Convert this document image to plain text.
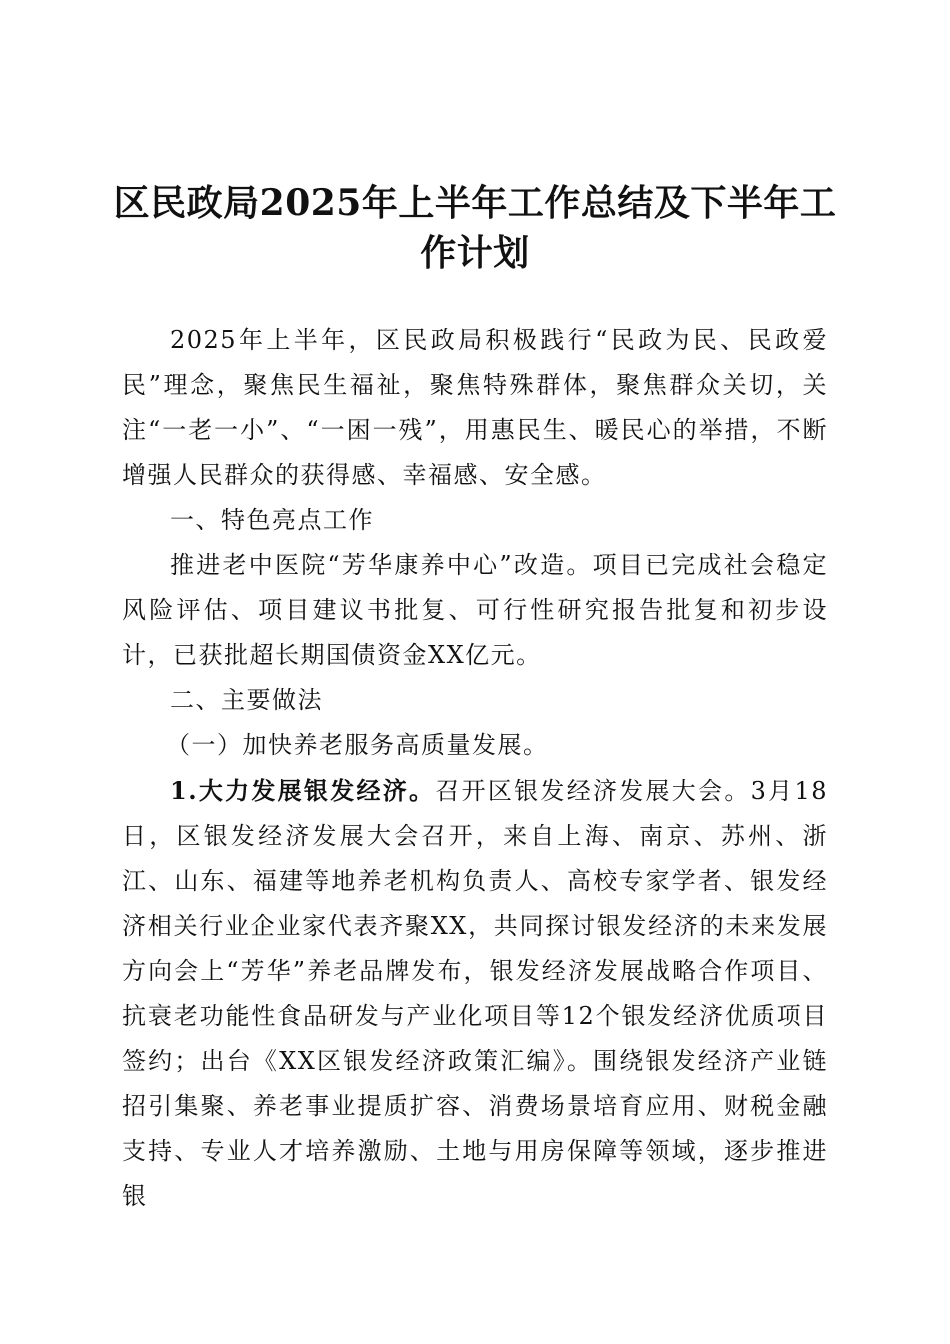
区民政局2025年上半年工作总结及下半年工作计划

2025年上半年，区民政局积极践行“民政为民、民政爱民”理念，聚焦民生福祉，聚焦特殊群体，聚焦群众关切，关注“一老一小”、“一困一残”，用惠民生、暖民心的举措，不断增强人民群众的获得感、幸福感、安全感。

一、特色亮点工作

推进老中医院“芳华康养中心”改造。项目已完成社会稳定风险评估、项目建议书批复、可行性研究报告批复和初步设计，已获批超长期国债资金XX亿元。

二、主要做法

（一）加快养老服务高质量发展。

1.大力发展银发经济。召开区银发经济发展大会。3月18日，区银发经济发展大会召开，来自上海、南京、苏州、浙江、山东、福建等地养老机构负责人、高校专家学者、银发经济相关行业企业家代表齐聚XX，共同探讨银发经济的未来发展方向会上“芳华”养老品牌发布，银发经济发展战略合作项目、抗衰老功能性食品研发与产业化项目等12个银发经济优质项目签约；出台《XX区银发经济政策汇编》。围绕银发经济产业链招引集聚、养老事业提质扩容、消费场景培育应用、财税金融支持、专业人才培养激励、土地与用房保障等领域，逐步推进银
